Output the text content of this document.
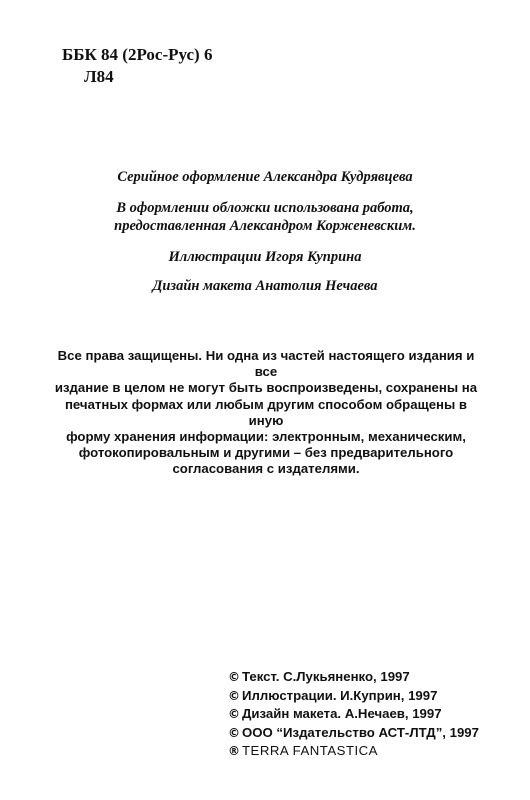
ББК 84 (2Рос-Рус) 6
Л84

Серийное оформление Александра Кудрявцева

В оформлении обложки использована работа,

предоставленная Александром Корженевским.

Иллюстрации Игоря Куприна

Дизайн макета Анатолия Нечаева

Все права защищены. Ни одна из частей настоящего издания и все
издание в целом не могут быть воспроизведены, сохранены на
печатных формах или любым другим способом обращены в иную
форму хранения информации: электронным, механическим,
фотокопировальным и другими – без предварительного
согласования с издателями.
© Текст. С.Лукьяненко, 1997
© Иллюстрации. И.Куприн, 1997
© Дизайн макета. А.Нечаев, 1997
© ООО “Издательство АСТ-ЛТД”, 1997
® TERRA FANTASTICA
